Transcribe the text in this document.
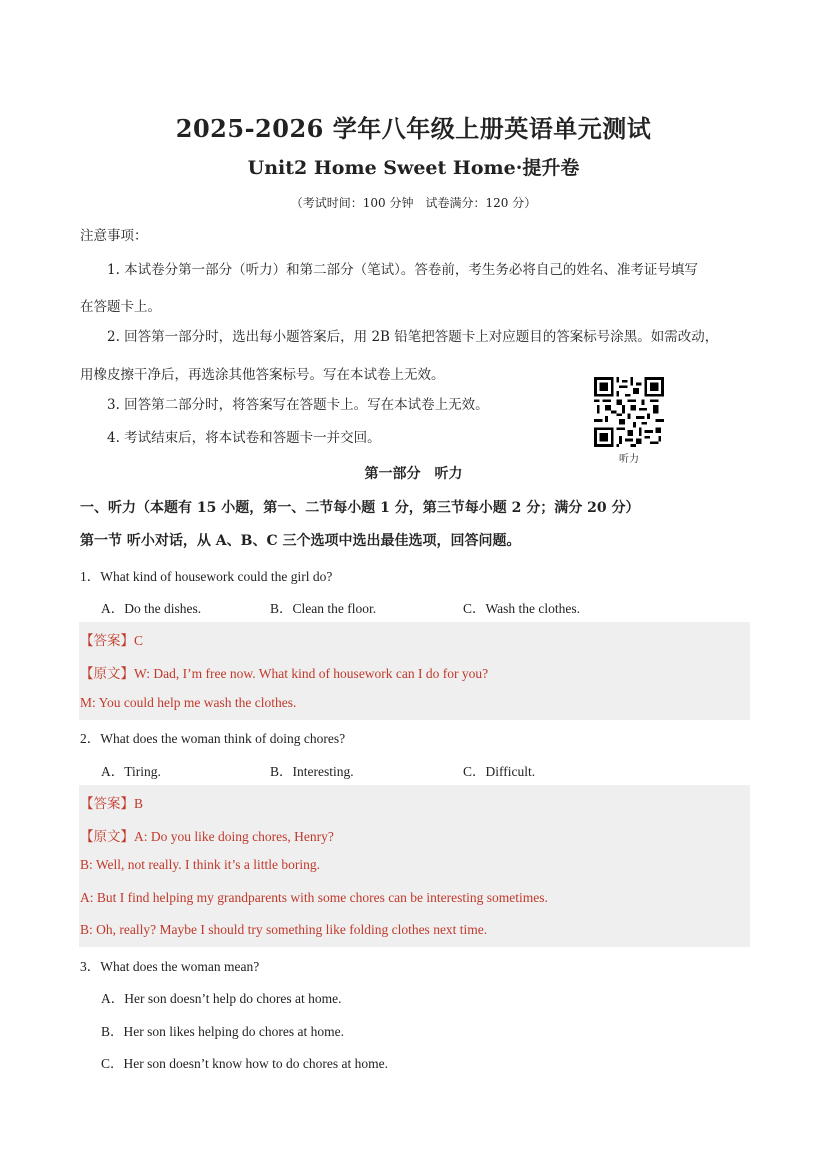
2025-2026 学年八年级上册英语单元测试
Unit2 Home Sweet Home·提升卷
（考试时间：100 分钟　试卷满分：120 分）
注意事项：
1. 本试卷分第一部分（听力）和第二部分（笔试）。答卷前，考生务必将自己的姓名、准考证号填写
在答题卡上。
2. 回答第一部分时，选出每小题答案后，用 2B 铅笔把答题卡上对应题目的答案标号涂黑。如需改动，
用橡皮擦干净后，再选涂其他答案标号。写在本试卷上无效。
3. 回答第二部分时，将答案写在答题卡上。写在本试卷上无效。
4. 考试结束后，将本试卷和答题卡一并交回。
听力
第一部分　听力
一、听力（本题有 15 小题，第一、二节每小题 1 分，第三节每小题 2 分；满分 20 分）
第一节 听小对话，从 A、B、C 三个选项中选出最佳选项，回答问题。
1．What kind of housework could the girl do?
A．Do the dishes.	B．Clean the floor.	C．Wash the clothes.
【答案】C
【原文】W: Dad, I’m free now. What kind of housework can I do for you?
M: You could help me wash the clothes.
2．What does the woman think of doing chores?
A．Tiring.	B．Interesting.	C．Difficult.
【答案】B
【原文】A: Do you like doing chores, Henry?
B: Well, not really. I think it’s a little boring.
A: But I find helping my grandparents with some chores can be interesting sometimes.
B: Oh, really? Maybe I should try something like folding clothes next time.
3．What does the woman mean?
A．Her son doesn’t help do chores at home.
B．Her son likes helping do chores at home.
C．Her son doesn’t know how to do chores at home.
